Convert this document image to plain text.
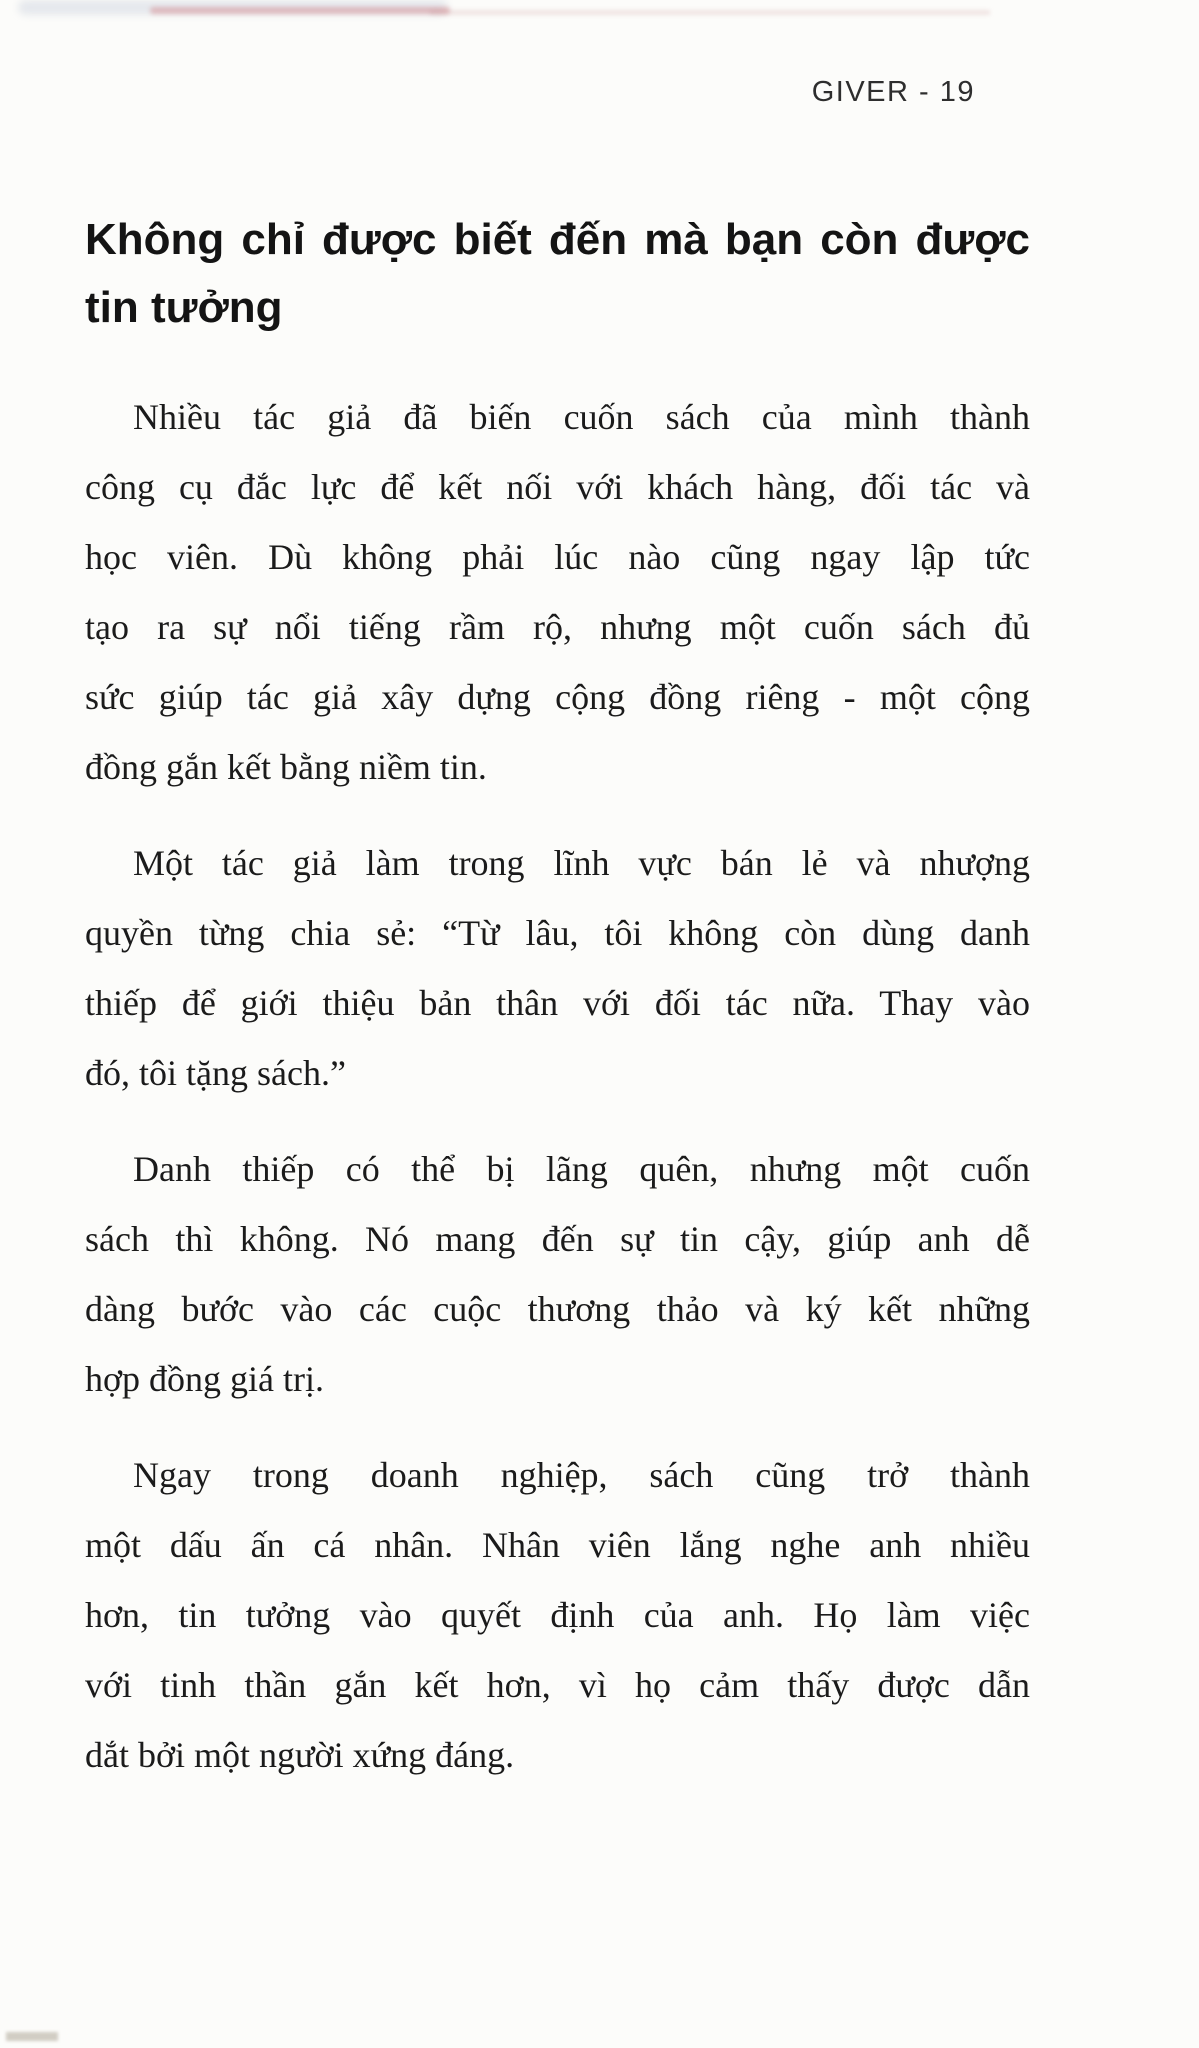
GIVER - 19
Không chỉ được biết đến mà bạn còn được
tin tưởng

Nhiều tác giả đã biến cuốn sách của mình thành
công cụ đắc lực để kết nối với khách hàng, đối tác và
học viên. Dù không phải lúc nào cũng ngay lập tức
tạo ra sự nổi tiếng rầm rộ, nhưng một cuốn sách đủ
sức giúp tác giả xây dựng cộng đồng riêng - một cộng
đồng gắn kết bằng niềm tin.

Một tác giả làm trong lĩnh vực bán lẻ và nhượng
quyền từng chia sẻ: “Từ lâu, tôi không còn dùng danh
thiếp để giới thiệu bản thân với đối tác nữa. Thay vào
đó, tôi tặng sách.”

Danh thiếp có thể bị lãng quên, nhưng một cuốn
sách thì không. Nó mang đến sự tin cậy, giúp anh dễ
dàng bước vào các cuộc thương thảo và ký kết những
hợp đồng giá trị.

Ngay trong doanh nghiệp, sách cũng trở thành
một dấu ấn cá nhân. Nhân viên lắng nghe anh nhiều
hơn, tin tưởng vào quyết định của anh. Họ làm việc
với tinh thần gắn kết hơn, vì họ cảm thấy được dẫn
dắt bởi một người xứng đáng.
